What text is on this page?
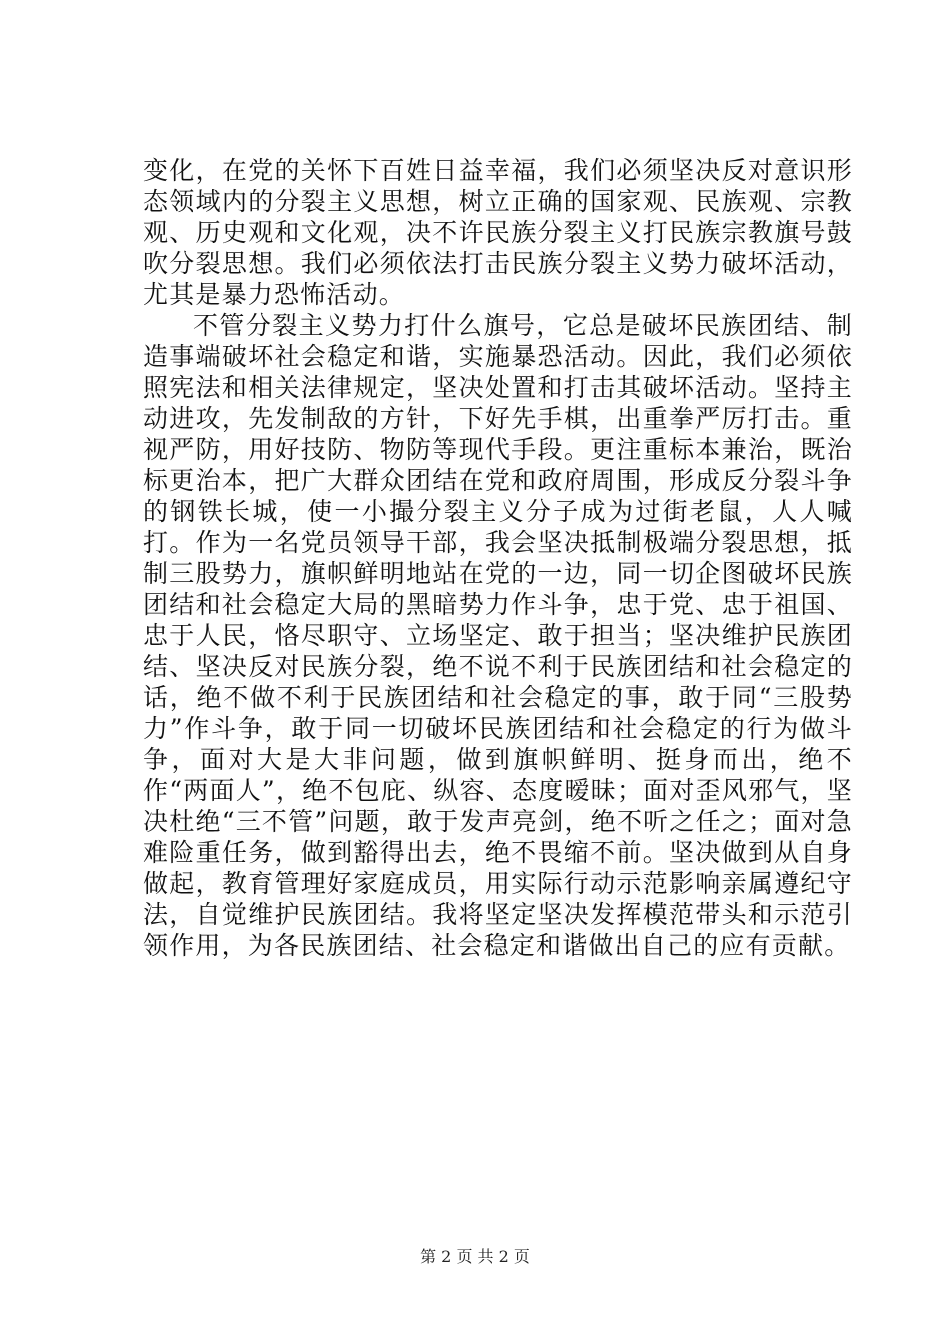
变化，在党的关怀下百姓日益幸福，我们必须坚决反对意识形态领域内的分裂主义思想，树立正确的国家观、民族观、宗教观、历史观和文化观，决不许民族分裂主义打民族宗教旗号鼓吹分裂思想。我们必须依法打击民族分裂主义势力破坏活动，尤其是暴力恐怖活动。

不管分裂主义势力打什么旗号，它总是破坏民族团结、制造事端破坏社会稳定和谐，实施暴恐活动。因此，我们必须依照宪法和相关法律规定，坚决处置和打击其破坏活动。坚持主动进攻，先发制敌的方针，下好先手棋，出重拳严厉打击。重视严防，用好技防、物防等现代手段。更注重标本兼治，既治标更治本，把广大群众团结在党和政府周围，形成反分裂斗争的钢铁长城，使一小撮分裂主义分子成为过街老鼠，人人喊打。作为一名党员领导干部，我会坚决抵制极端分裂思想，抵制三股势力，旗帜鲜明地站在党的一边，同一切企图破坏民族团结和社会稳定大局的黑暗势力作斗争，忠于党、忠于祖国、忠于人民，恪尽职守、立场坚定、敢于担当；坚决维护民族团结、坚决反对民族分裂，绝不说不利于民族团结和社会稳定的话，绝不做不利于民族团结和社会稳定的事，敢于同“三股势力”作斗争，敢于同一切破坏民族团结和社会稳定的行为做斗争，面对大是大非问题，做到旗帜鲜明、挺身而出，绝不作“两面人”，绝不包庇、纵容、态度暧昧；面对歪风邪气，坚决杜绝“三不管”问题，敢于发声亮剑，绝不听之任之；面对急难险重任务，做到豁得出去，绝不畏缩不前。坚决做到从自身做起，教育管理好家庭成员，用实际行动示范影响亲属遵纪守法，自觉维护民族团结。我将坚定坚决发挥模范带头和示范引领作用，为各民族团结、社会稳定和谐做出自己的应有贡献。

第 2 页 共 2 页
